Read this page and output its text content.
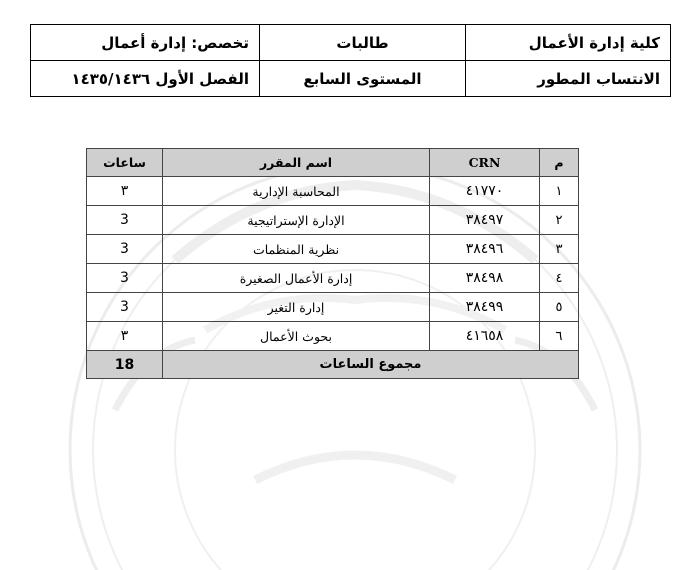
كلية إدارة الأعمال	طالبات	تخصص: إدارة أعمال
الانتساب المطور	المستوى السابع	الفصل الأول ١٤٣٥/١٤٣٦
م	CRN	اسم المقرر	ساعات
١	٤١٧٧٠	المحاسبة الإدارية	٣
٢	٣٨٤٩٧	الإدارة الإستراتيجية	3
٣	٣٨٤٩٦	نظرية المنظمات	3
٤	٣٨٤٩٨	إدارة الأعمال الصغيرة	3
٥	٣٨٤٩٩	إدارة التغير	3
٦	٤١٦٥٨	بحوث الأعمال	٣
مجموع الساعات			18
